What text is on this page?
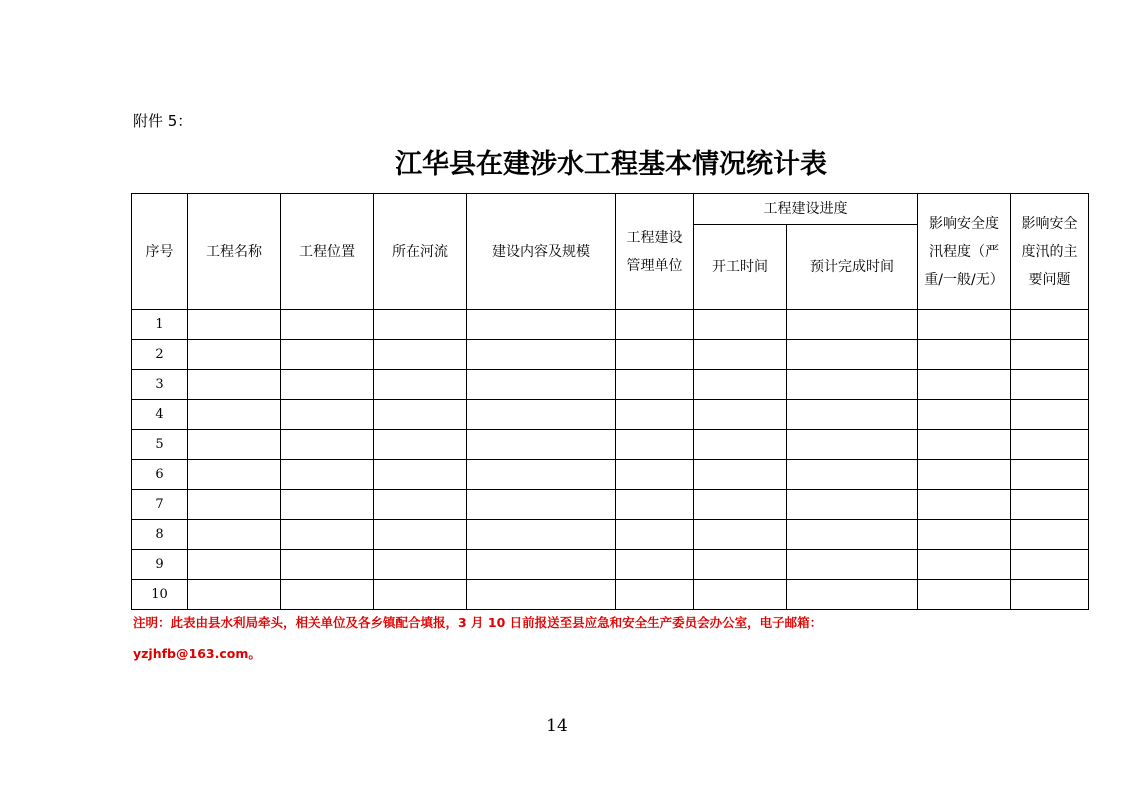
附件 5：
江华县在建涉水工程基本情况统计表
序号	工程名称	工程位置	所在河流	建设内容及规模	工程建设管理单位	工程建设进度		影响安全度汛程度（严重/一般/无）	影响安全度汛的主要问题
						开工时间	预计完成时间		
1									
2									
3									
4									
5									
6									
7									
8									
9									
10									
注明：此表由县水利局牵头，相关单位及各乡镇配合填报，3 月 10 日前报送至县应急和安全生产委员会办公室，电子邮箱：
yzjhfb@163.com。
14
